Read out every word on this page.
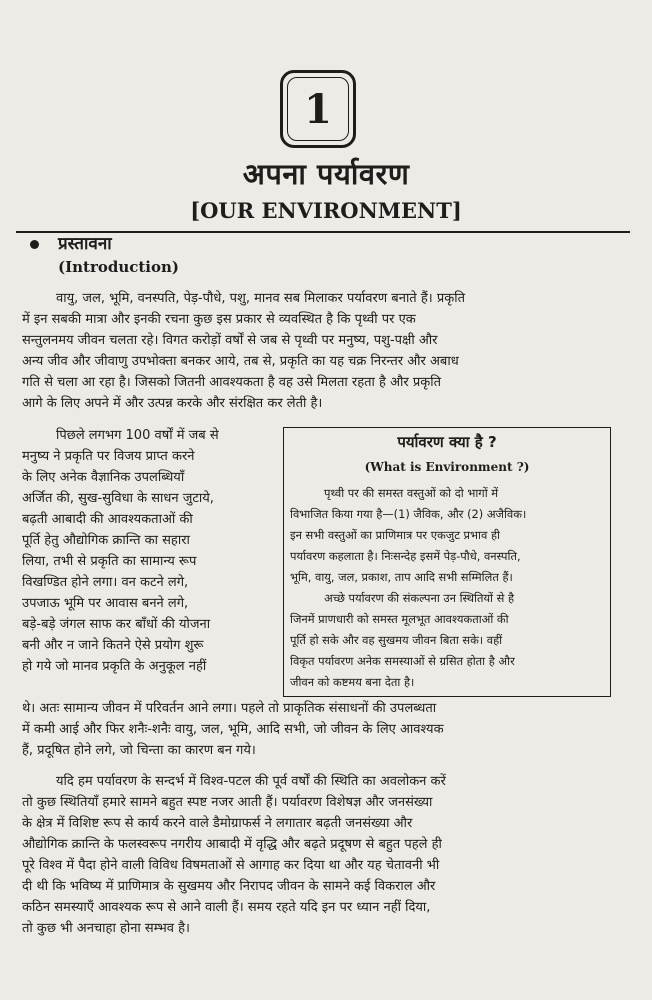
1
अपना पर्यावरण
[OUR ENVIRONMENT]
प्रस्तावना
(Introduction)
वायु, जल, भूमि, वनस्पति, पेड़-पौधे, पशु, मानव सब मिलाकर पर्यावरण बनाते हैं। प्रकृति
में इन सबकी मात्रा और इनकी रचना कुछ इस प्रकार से व्यवस्थित है कि पृथ्वी पर एक
सन्तुलनमय जीवन चलता रहे। विगत करोड़ों वर्षों से जब से पृथ्वी पर मनुष्य, पशु-पक्षी और
अन्य जीव और जीवाणु उपभोक्ता बनकर आये, तब से, प्रकृति का यह चक्र निरन्तर और अबाध
गति से चला आ रहा है। जिसको जितनी आवश्यकता है वह उसे मिलता रहता है और प्रकृति
आगे के लिए अपने में और उत्पन्न करके और संरक्षित कर लेती है।
पिछले लगभग 100 वर्षों में जब से
मनुष्य ने प्रकृति पर विजय प्राप्त करने
के लिए अनेक वैज्ञानिक उपलब्धियाँ
अर्जित की, सुख-सुविधा के साधन जुटाये,
बढ़ती आबादी की आवश्यकताओं की
पूर्ति हेतु औद्योगिक क्रान्ति का सहारा
लिया, तभी से प्रकृति का सामान्य रूप
विखण्डित होने लगा। वन कटने लगे,
उपजाऊ भूमि पर आवास बनने लगे,
बड़े-बड़े जंगल साफ कर बाँधों की योजना
बनी और न जाने कितने ऐसे प्रयोग शुरू
हो गये जो मानव प्रकृति के अनुकूल नहीं
पर्यावरण क्या है ?
(What is Environment ?)
पृथ्वी पर की समस्त वस्तुओं को दो भागों में
विभाजित किया गया है—(1) जैविक, और (2) अजैविक।
इन सभी वस्तुओं का प्राणिमात्र पर एकजुट प्रभाव ही
पर्यावरण कहलाता है। निःसन्देह इसमें पेड़-पौधे, वनस्पति,
भूमि, वायु, जल, प्रकाश, ताप आदि सभी सम्मिलित हैं।
अच्छे पर्यावरण की संकल्पना उन स्थितियों से है
जिनमें प्राणधारी को समस्त मूलभूत आवश्यकताओं की
पूर्ति हो सके और वह सुखमय जीवन बिता सके। वहीं
विकृत पर्यावरण अनेक समस्याओं से ग्रसित होता है और
जीवन को कष्टमय बना देता है।
थे। अतः सामान्य जीवन में परिवर्तन आने लगा। पहले तो प्राकृतिक संसाधनों की उपलब्धता
में कमी आई और फिर शनैः-शनैः वायु, जल, भूमि, आदि सभी, जो जीवन के लिए आवश्यक
हैं, प्रदूषित होने लगे, जो चिन्ता का कारण बन गये।
यदि हम पर्यावरण के सन्दर्भ में विश्व-पटल की पूर्व वर्षों की स्थिति का अवलोकन करें
तो कुछ स्थितियाँ हमारे सामने बहुत स्पष्ट नजर आती हैं। पर्यावरण विशेषज्ञ और जनसंख्या
के क्षेत्र में विशिष्ट रूप से कार्य करने वाले डैमोग्राफर्स ने लगातार बढ़ती जनसंख्या और
औद्योगिक क्रान्ति के फलस्वरूप नगरीय आबादी में वृद्धि और बढ़ते प्रदूषण से बहुत पहले ही
पूरे विश्व में पैदा होने वाली विविध विषमताओं से आगाह कर दिया था और यह चेतावनी भी
दी थी कि भविष्य में प्राणिमात्र के सुखमय और निरापद जीवन के सामने कई विकराल और
कठिन समस्याएँ आवश्यक रूप से आने वाली हैं। समय रहते यदि इन पर ध्यान नहीं दिया,
तो कुछ भी अनचाहा होना सम्भव है।
